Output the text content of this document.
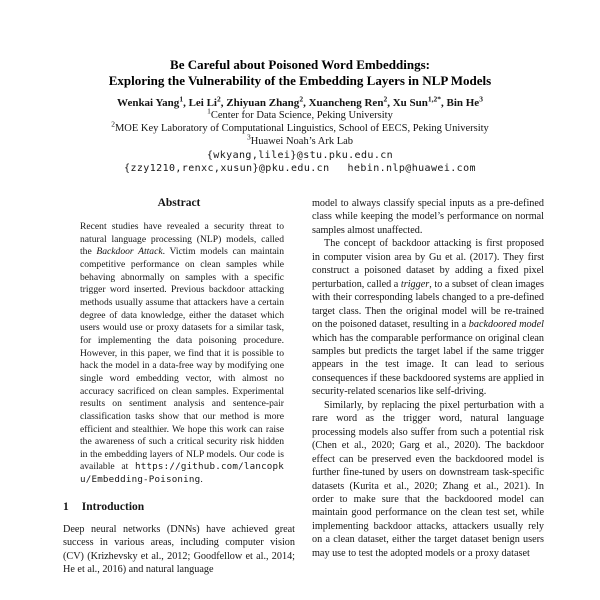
Be Careful about Poisoned Word Embeddings:
Exploring the Vulnerability of the Embedding Layers in NLP Models
Wenkai Yang$^1$, Lei Li$^2$, Zhiyuan Zhang$^2$, Xuancheng Ren$^2$, Xu Sun$^{1,2*}$, Bin He$^3$
$^1$Center for Data Science, Peking University
$^2$MOE Key Laboratory of Computational Linguistics, School of EECS, Peking University
$^3$Huawei Noah’s Ark Lab
{wkyang,lilei}@stu.pku.edu.cn
{zzy1210,renxc,xusun}@pku.edu.cn hebin.nlp@huawei.com
Abstract

Recent studies have revealed a security threat to natural language processing (NLP) models, called the Backdoor Attack. Victim models can maintain competitive performance on clean samples while behaving abnormally on samples with a specific trigger word inserted. Previous backdoor attacking methods usually assume that attackers have a certain degree of data knowledge, either the dataset which users would use or proxy datasets for a similar task, for implementing the data poisoning procedure. However, in this paper, we find that it is possible to hack the model in a data-free way by modifying one single word embedding vector, with almost no accuracy sacrificed on clean samples. Experimental results on sentiment analysis and sentence-pair classification tasks show that our method is more efficient and stealthier. We hope this work can raise the awareness of such a critical security risk hidden in the embedding layers of NLP models. Our code is available at https://github.com/lancopku/Embedding-Poisoning.

1 Introduction

Deep neural networks (DNNs) have achieved great success in various areas, including computer vision (CV) (Krizhevsky et al., 2012; Goodfellow et al., 2014; He et al., 2016) and natural language

model to always classify special inputs as a pre-defined class while keeping the model’s performance on normal samples almost unaffected.

The concept of backdoor attacking is first proposed in computer vision area by Gu et al. (2017). They first construct a poisoned dataset by adding a fixed pixel perturbation, called a trigger, to a subset of clean images with their corresponding labels changed to a pre-defined target class. Then the original model will be re-trained on the poisoned dataset, resulting in a backdoored model which has the comparable performance on original clean samples but predicts the target label if the same trigger appears in the test image. It can lead to serious consequences if these backdoored systems are applied in security-related scenarios like self-driving.

Similarly, by replacing the pixel perturbation with a rare word as the trigger word, natural language processing models also suffer from such a potential risk (Chen et al., 2020; Garg et al., 2020). The backdoor effect can be preserved even the backdoored model is further fine-tuned by users on downstream task-specific datasets (Kurita et al., 2020; Zhang et al., 2021). In order to make sure that the backdoored model can maintain good performance on the clean test set, while implementing backdoor attacks, attackers usually rely on a clean dataset, either the target dataset benign users may use to test the adopted models or a proxy dataset
